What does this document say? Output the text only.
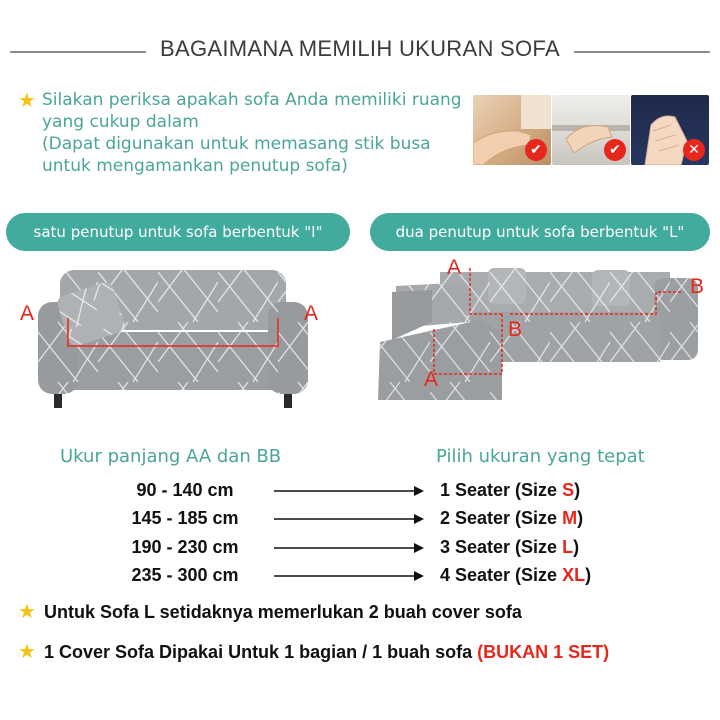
BAGAIMANA MEMILIH UKURAN SOFA
★ Silakan periksa apakah sofa Anda memiliki ruang
yang cukup dalam
(Dapat digunakan untuk memasang stik busa
untuk mengamankan penutup sofa)
✔	✔	✕
satu penutup untuk sofa berbentuk "I"	dua penutup untuk sofa berbentuk "L"
A	A
A
A
B
B
Ukur panjang AA dan BB	Pilih ukuran yang tepat
90 - 140 cm	1 Seater (Size S)
145 - 185 cm	2 Seater (Size M)
190 - 230 cm	3 Seater (Size L)
235 - 300 cm	4 Seater (Size XL)
★ Untuk Sofa L setidaknya memerlukan 2 buah cover sofa
★ 1 Cover Sofa Dipakai Untuk 1 bagian / 1 buah sofa (BUKAN 1 SET)
